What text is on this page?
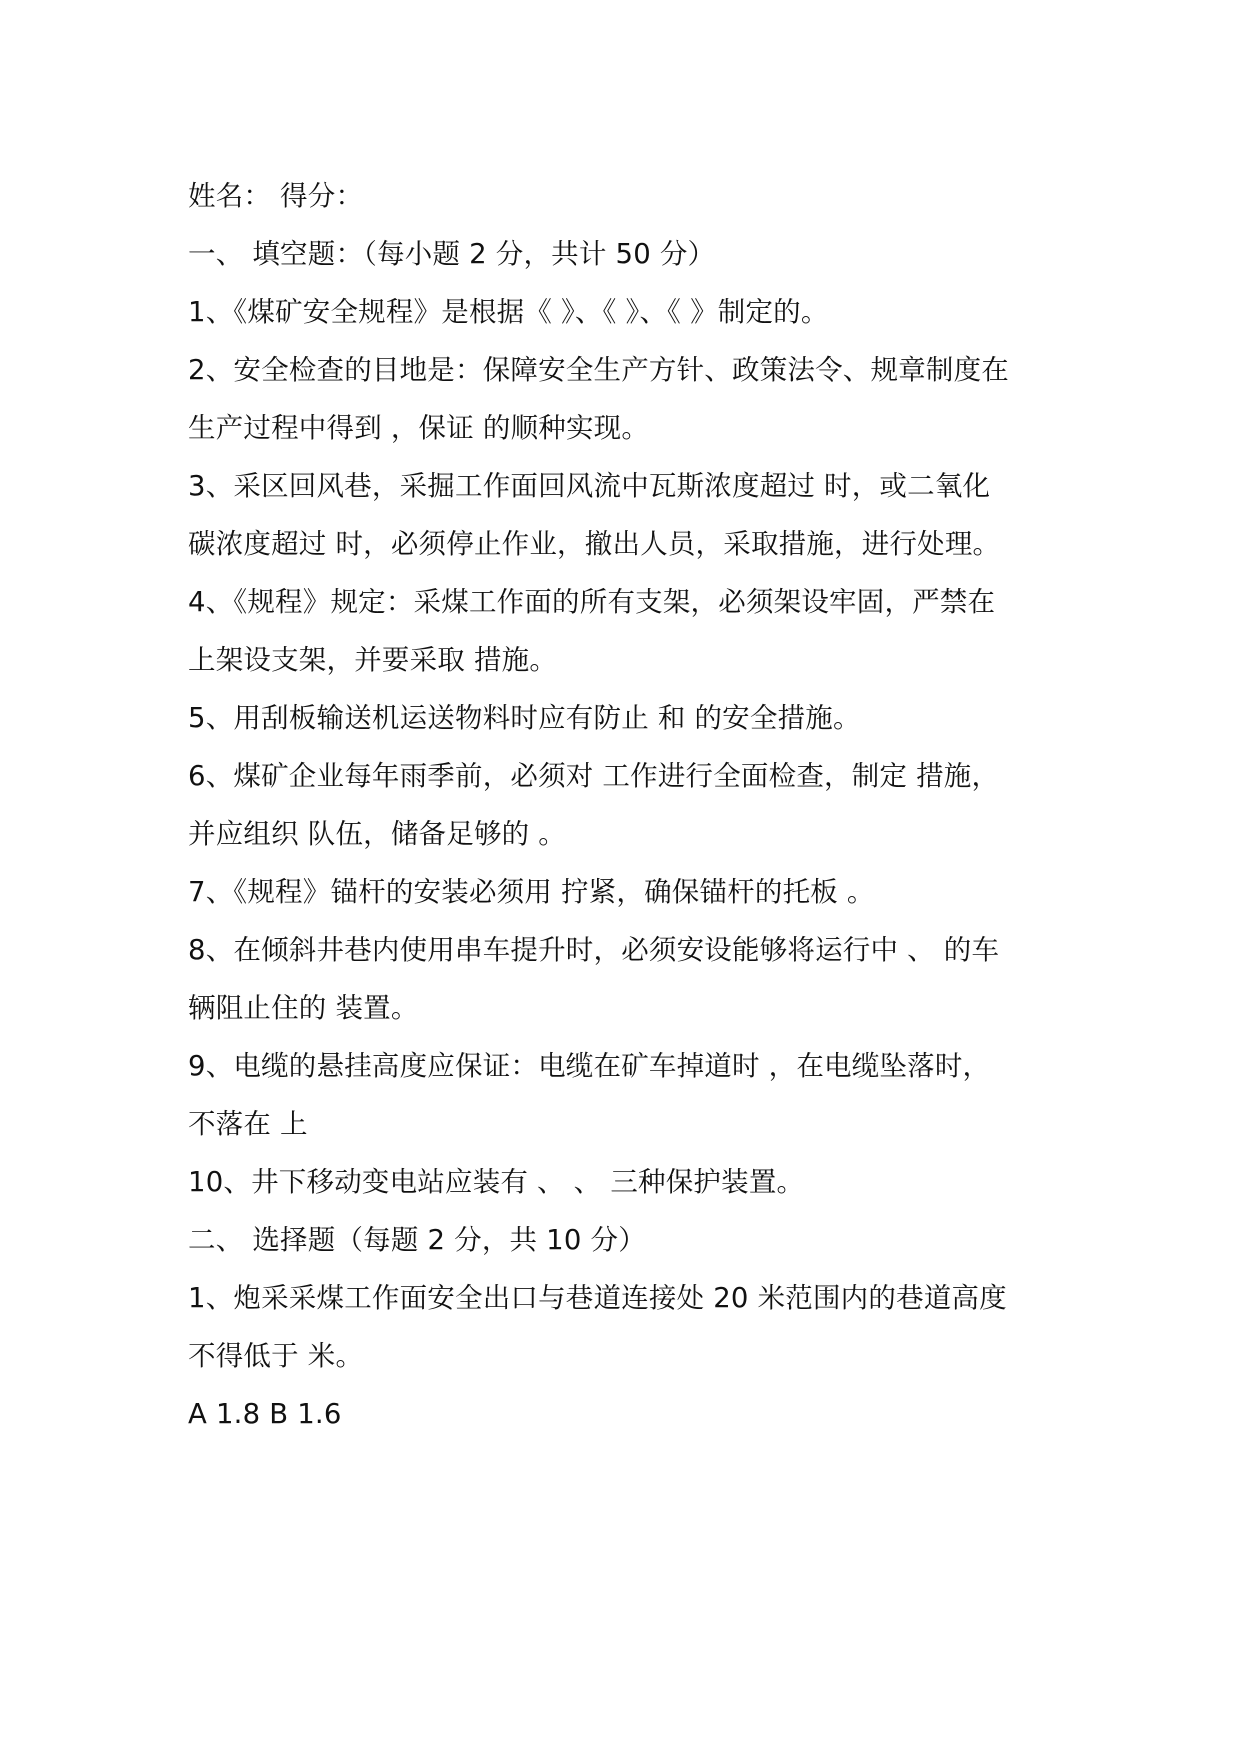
姓名： 得分：
一、 填空题：（每小题 2 分，共计 50 分）
1、《煤矿安全规程》是根据《 》、《 》、《 》制定的。
2、安全检查的目地是：保障安全生产方针、政策法令、规章制度在
生产过程中得到 ，保证 的顺种实现。
3、采区回风巷，采掘工作面回风流中瓦斯浓度超过 时，或二氧化
碳浓度超过 时，必须停止作业，撤出人员，采取措施，进行处理。
4、《规程》规定：采煤工作面的所有支架，必须架设牢固，严禁在
上架设支架，并要采取 措施。
5、用刮板输送机运送物料时应有防止 和 的安全措施。
6、煤矿企业每年雨季前，必须对 工作进行全面检查，制定 措施，
并应组织 队伍，储备足够的 。
7、《规程》锚杆的安装必须用 拧紧，确保锚杆的托板 。
8、在倾斜井巷内使用串车提升时，必须安设能够将运行中 、 的车
辆阻止住的 装置。
9、电缆的悬挂高度应保证：电缆在矿车掉道时 ，在电缆坠落时，
不落在 上
10、井下移动变电站应装有 、 、 三种保护装置。
二、 选择题（每题 2 分，共 10 分）
1、炮采采煤工作面安全出口与巷道连接处 20 米范围内的巷道高度
不得低于 米。
A 1.8 B 1.6
